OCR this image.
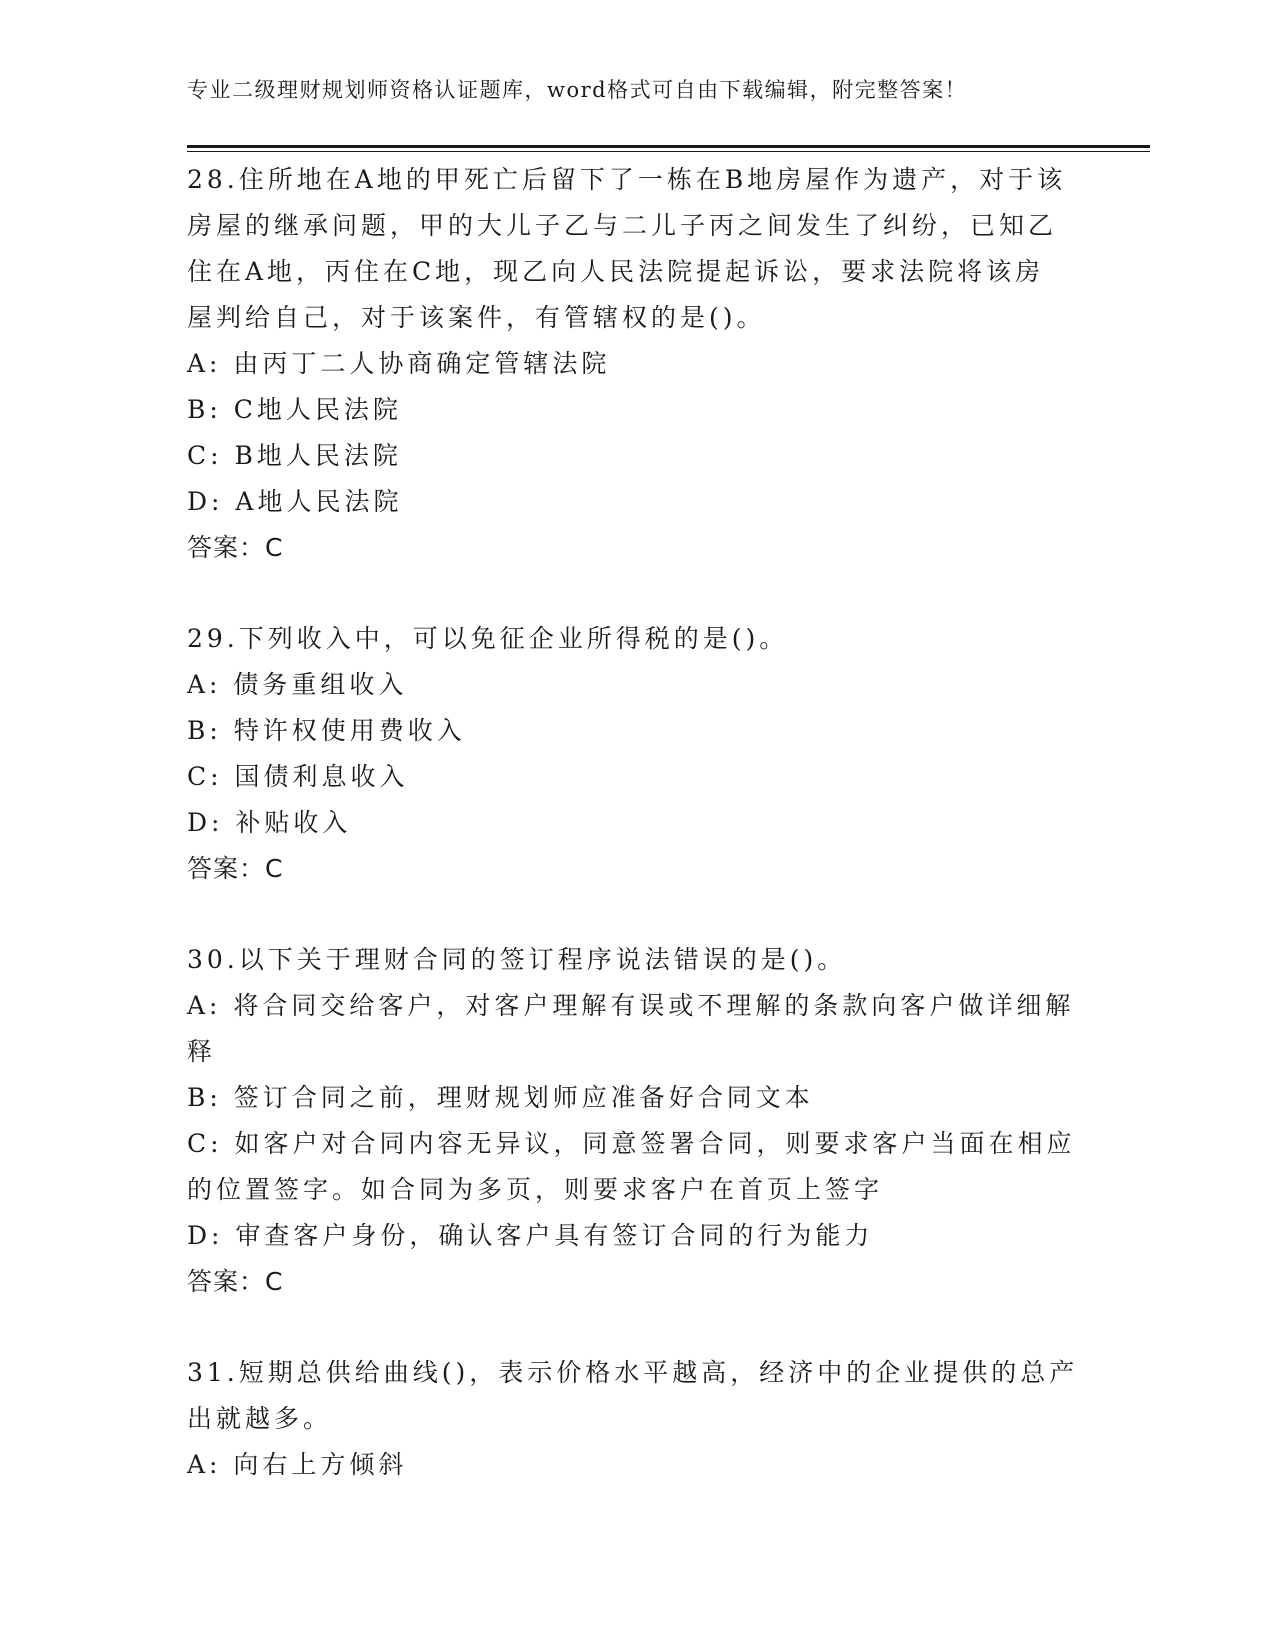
专业二级理财规划师资格认证题库，word格式可自由下载编辑，附完整答案！
28.住所地在A地的甲死亡后留下了一栋在B地房屋作为遗产，对于该
房屋的继承问题，甲的大儿子乙与二儿子丙之间发生了纠纷，已知乙
住在A地，丙住在C地，现乙向人民法院提起诉讼，要求法院将该房
屋判给自己，对于该案件，有管辖权的是()。
A: 由丙丁二人协商确定管辖法院
B: C地人民法院
C: B地人民法院
D: A地人民法院
答案：C
29.下列收入中，可以免征企业所得税的是()。
A: 债务重组收入
B: 特许权使用费收入
C: 国债利息收入
D: 补贴收入
答案：C
30.以下关于理财合同的签订程序说法错误的是()。
A: 将合同交给客户，对客户理解有误或不理解的条款向客户做详细解
释
B: 签订合同之前，理财规划师应准备好合同文本
C: 如客户对合同内容无异议，同意签署合同，则要求客户当面在相应
的位置签字。如合同为多页，则要求客户在首页上签字
D: 审查客户身份，确认客户具有签订合同的行为能力
答案：C
31.短期总供给曲线()，表示价格水平越高，经济中的企业提供的总产
出就越多。
A: 向右上方倾斜
